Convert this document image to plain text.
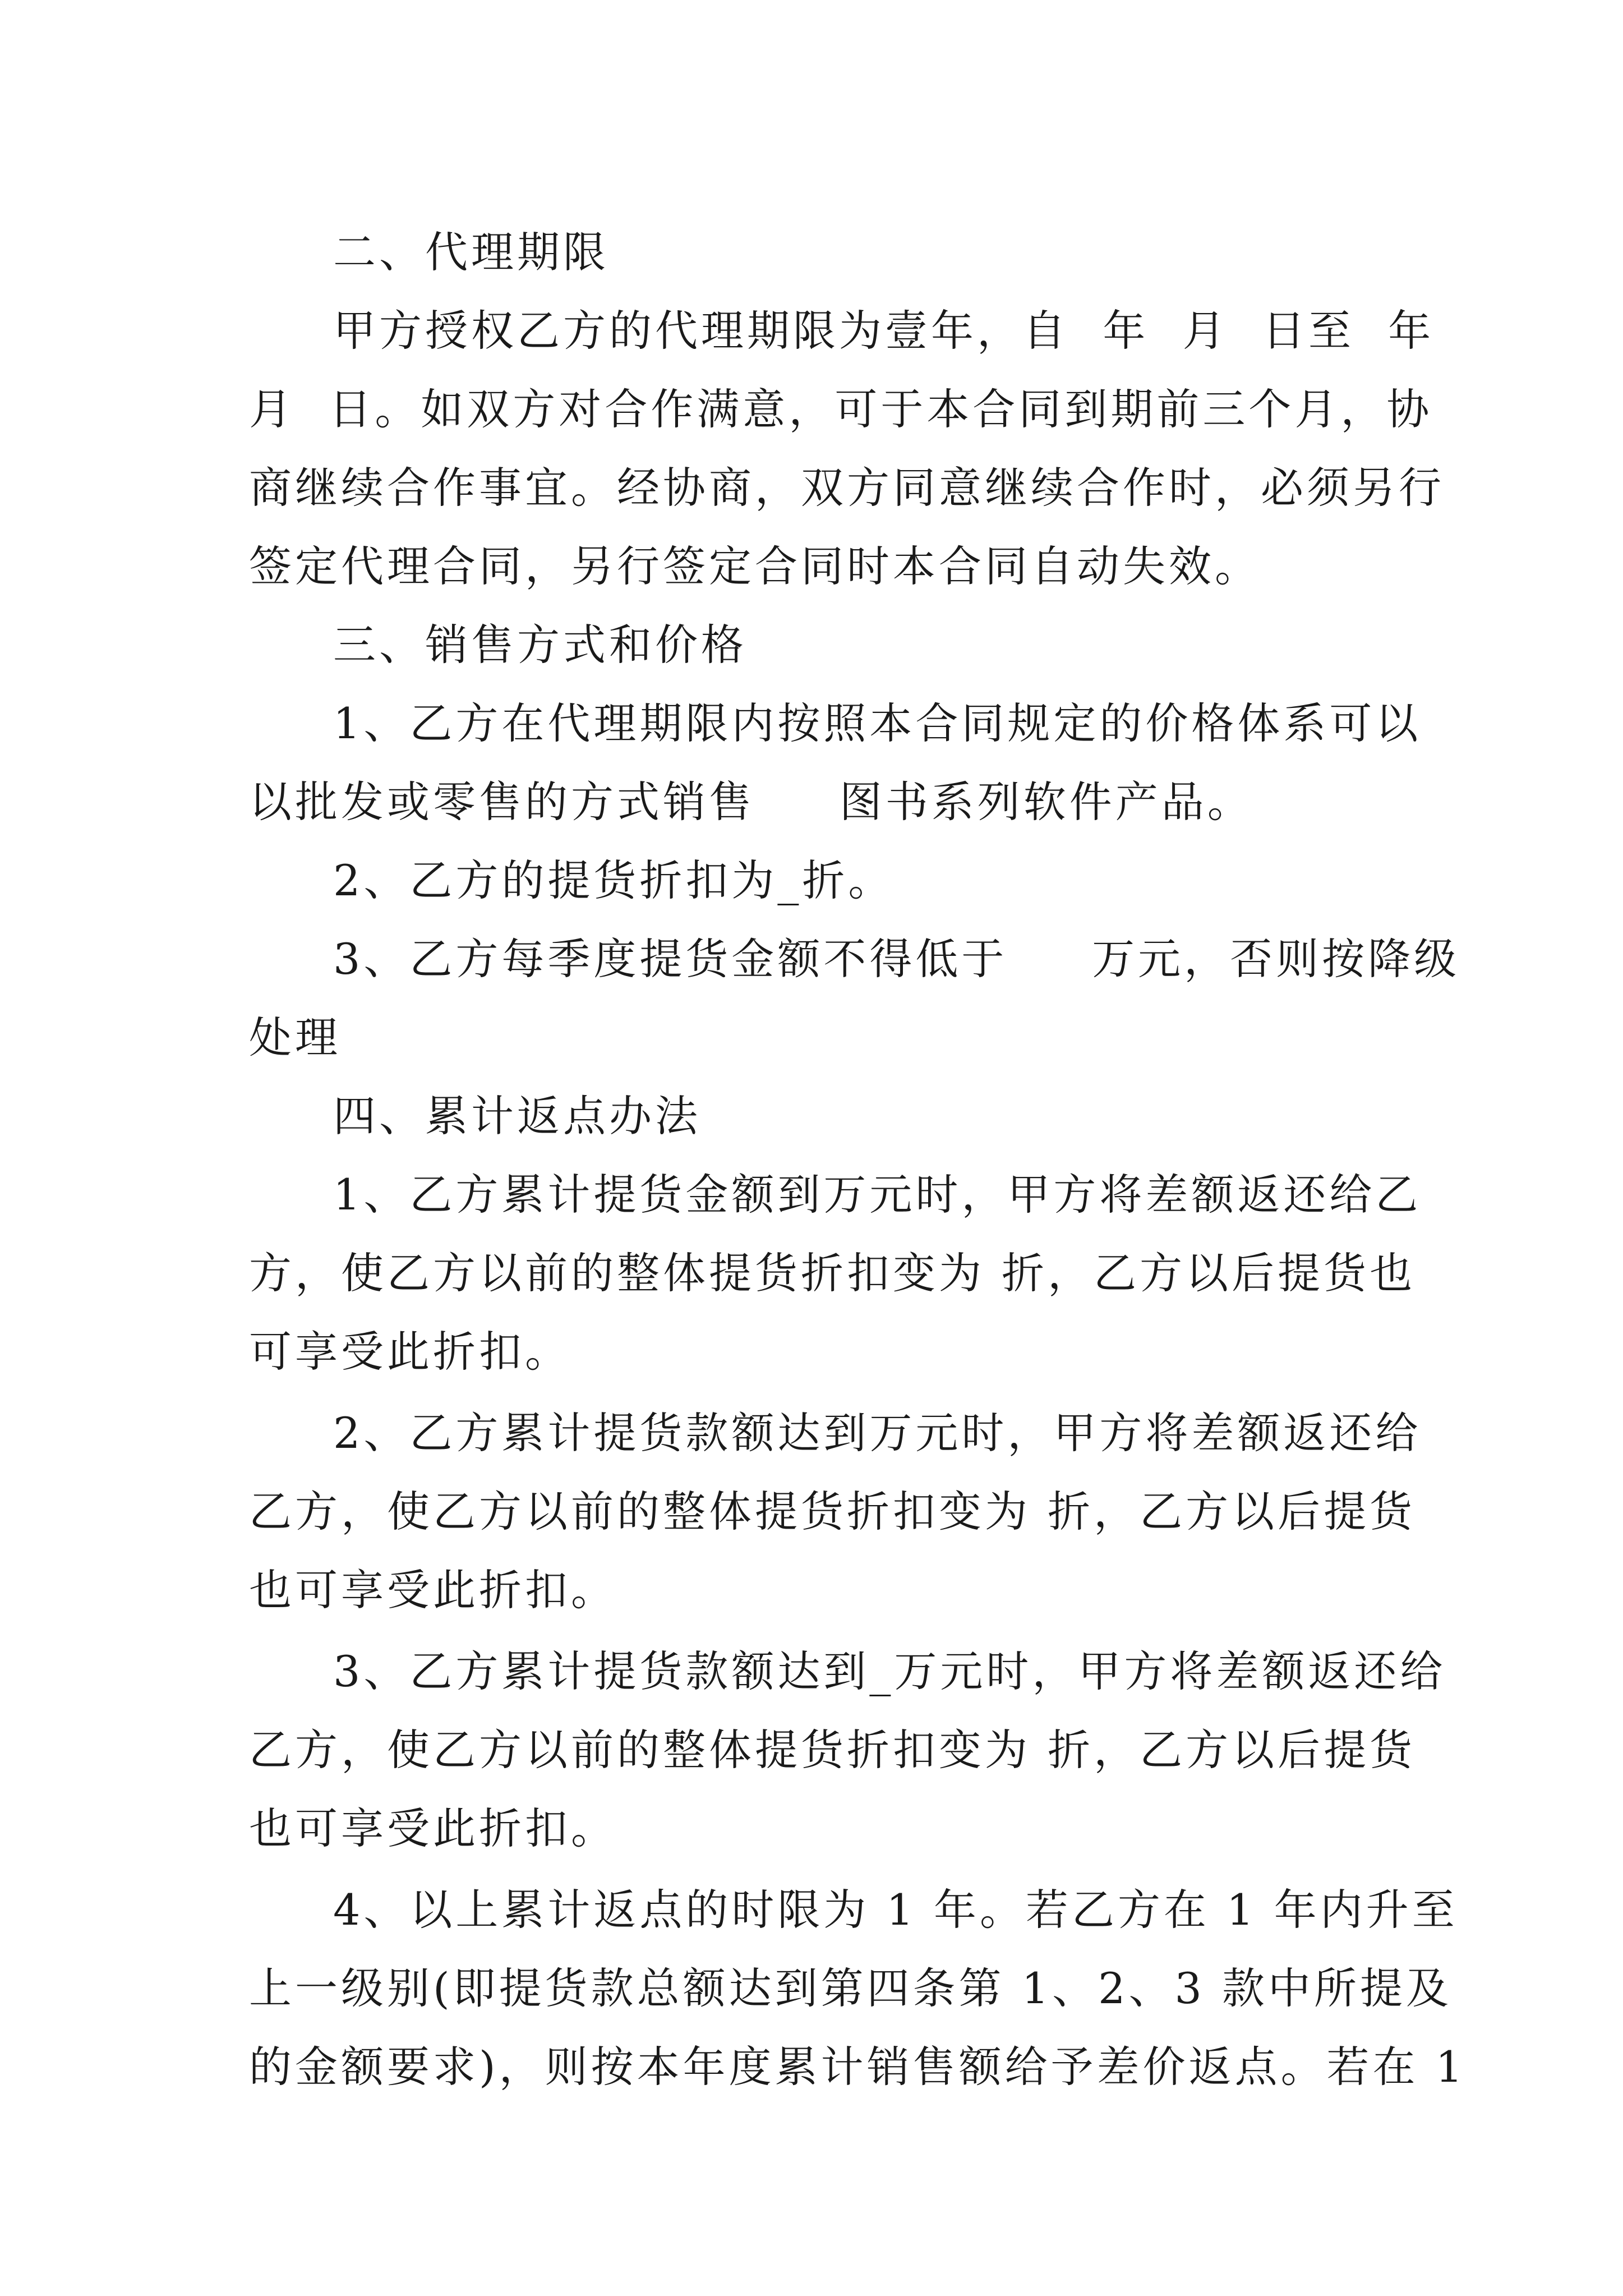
二、代理期限
甲方授权乙方的代理期限为壹年，自  年  月  日至  年
月  日。如双方对合作满意，可于本合同到期前三个月，协
商继续合作事宜。经协商，双方同意继续合作时，必须另行
签定代理合同，另行签定合同时本合同自动失效。
三、销售方式和价格
1、乙方在代理期限内按照本合同规定的价格体系可以
以批发或零售的方式销售     图书系列软件产品。
2、乙方的提货折扣为_折。
3、乙方每季度提货金额不得低于     万元，否则按降级
处理
四、累计返点办法
1、乙方累计提货金额到万元时，甲方将差额返还给乙
方，使乙方以前的整体提货折扣变为 折，乙方以后提货也
可享受此折扣。
2、乙方累计提货款额达到万元时，甲方将差额返还给
乙方，使乙方以前的整体提货折扣变为 折，乙方以后提货
也可享受此折扣。
3、乙方累计提货款额达到_万元时，甲方将差额返还给
乙方，使乙方以前的整体提货折扣变为 折，乙方以后提货
也可享受此折扣。
4、以上累计返点的时限为 1 年。若乙方在 1 年内升至
上一级别(即提货款总额达到第四条第 1、2、3 款中所提及
的金额要求)，则按本年度累计销售额给予差价返点。若在 1
